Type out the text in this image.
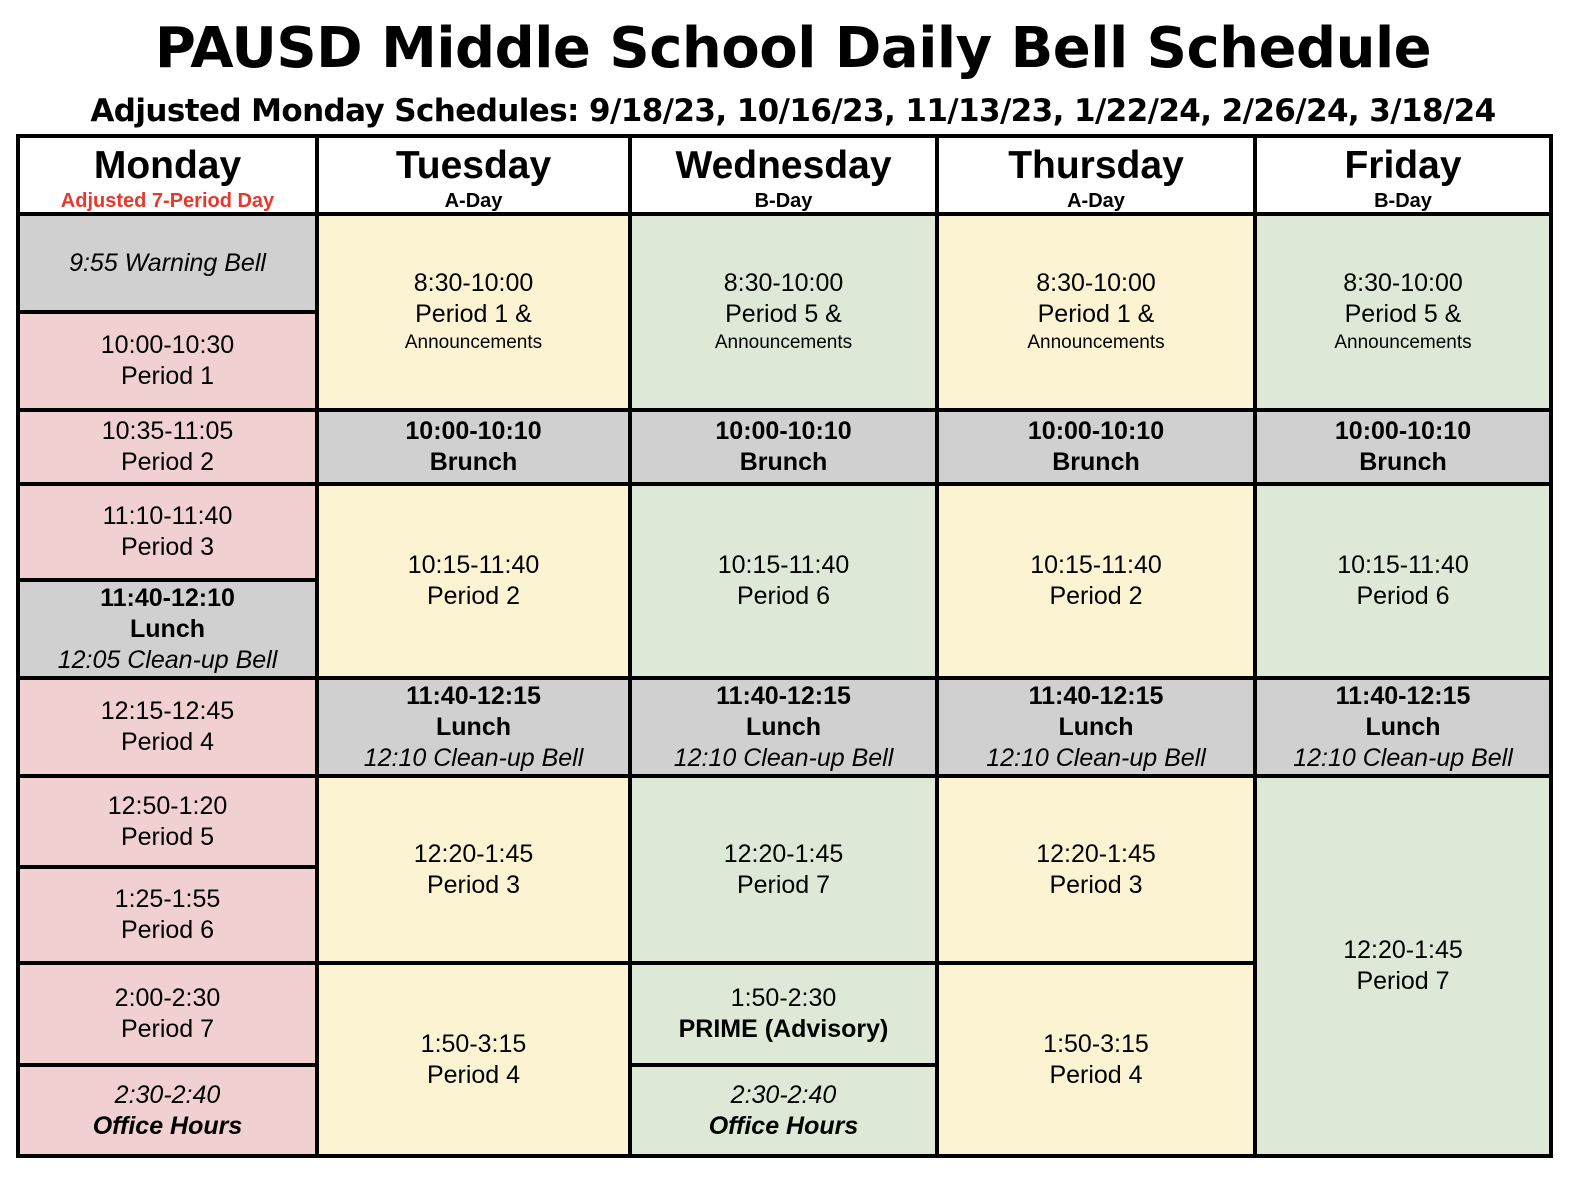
PAUSD Middle School Daily Bell Schedule
Adjusted Monday Schedules: 9/18/23, 10/16/23, 11/13/23, 1/22/24, 2/26/24, 3/18/24
Monday
Adjusted 7-Period Day
Tuesday
A-Day
Wednesday
B-Day
Thursday
A-Day
Friday
B-Day
9:55 Warning Bell
10:00-10:30
Period 1
10:35-11:05
Period 2
11:10-11:40
Period 3
11:40-12:10
Lunch
12:05 Clean-up Bell
12:15-12:45
Period 4
12:50-1:20
Period 5
1:25-1:55
Period 6
2:00-2:30
Period 7
2:30-2:40
Office Hours
8:30-10:00
Period 1 &
Announcements
10:00-10:10
Brunch
10:15-11:40
Period 2
11:40-12:15
Lunch
12:10 Clean-up Bell
12:20-1:45
Period 3
1:50-3:15
Period 4
8:30-10:00
Period 5 &
Announcements
10:00-10:10
Brunch
10:15-11:40
Period 6
11:40-12:15
Lunch
12:10 Clean-up Bell
12:20-1:45
Period 7
1:50-2:30
PRIME (Advisory)
2:30-2:40
Office Hours
8:30-10:00
Period 1 &
Announcements
10:00-10:10
Brunch
10:15-11:40
Period 2
11:40-12:15
Lunch
12:10 Clean-up Bell
12:20-1:45
Period 3
1:50-3:15
Period 4
8:30-10:00
Period 5 &
Announcements
10:00-10:10
Brunch
10:15-11:40
Period 6
11:40-12:15
Lunch
12:10 Clean-up Bell
12:20-1:45
Period 7
